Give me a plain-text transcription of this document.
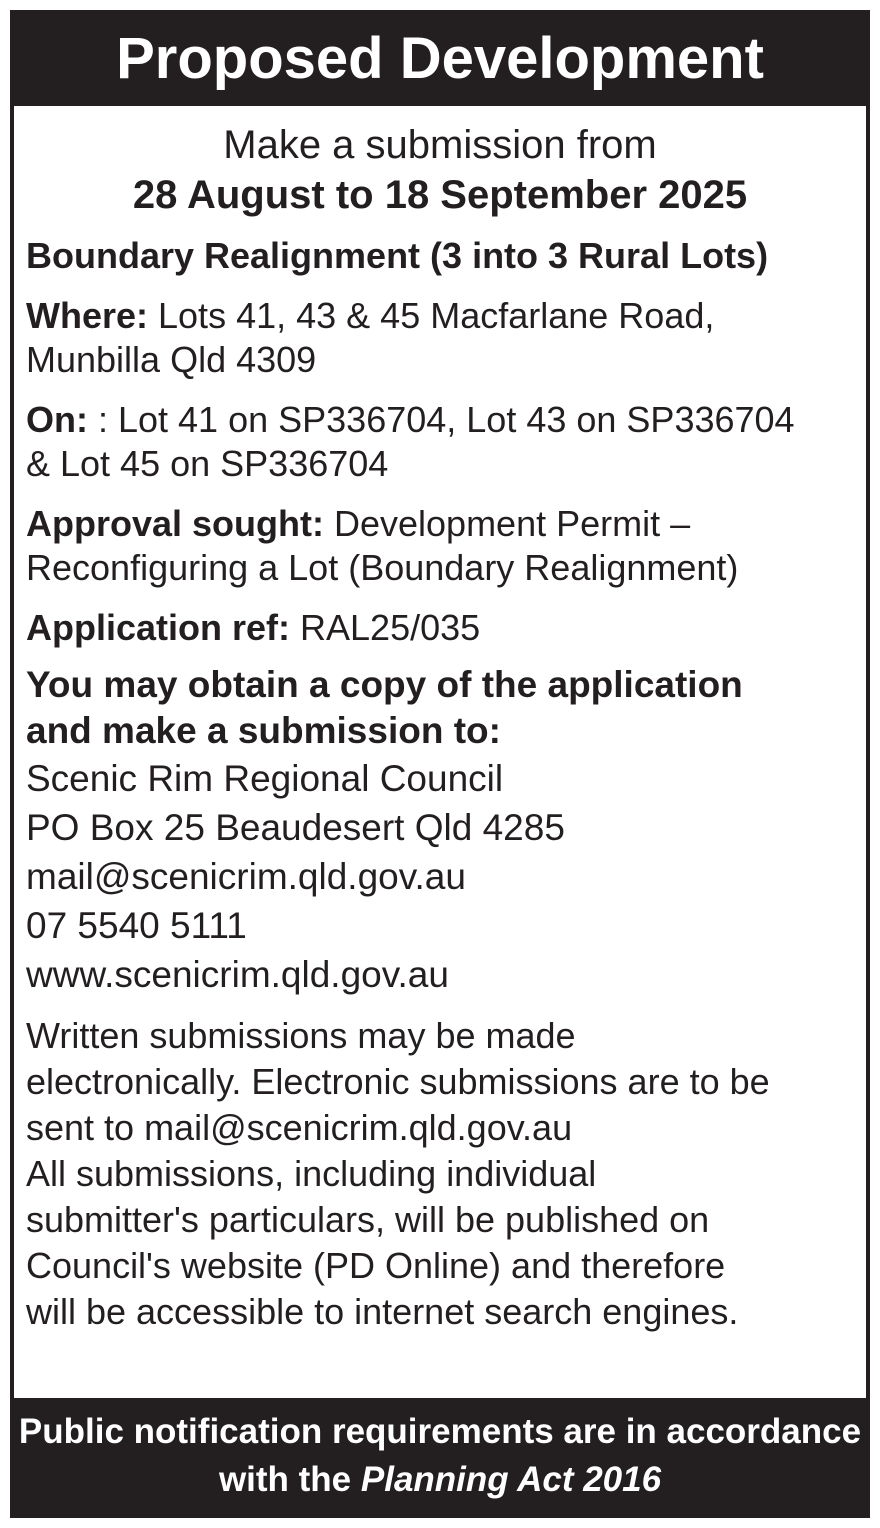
Proposed Development
Make a submission from
28 August to 18 September 2025
Boundary Realignment (3 into 3 Rural Lots)
Where: Lots 41, 43 & 45 Macfarlane Road,
Munbilla Qld 4309
On: : Lot 41 on SP336704, Lot 43 on SP336704
& Lot 45 on SP336704
Approval sought: Development Permit –
Reconfiguring a Lot (Boundary Realignment)
Application ref: RAL25/035
You may obtain a copy of the application
and make a submission to:
Scenic Rim Regional Council
PO Box 25 Beaudesert Qld 4285
mail@scenicrim.qld.gov.au
07 5540 5111
www.scenicrim.qld.gov.au
Written submissions may be made
electronically. Electronic submissions are to be
sent to mail@scenicrim.qld.gov.au
All submissions, including individual
submitter's particulars, will be published on
Council's website (PD Online) and therefore
will be accessible to internet search engines.
Public notification requirements are in accordance
with the Planning Act 2016
